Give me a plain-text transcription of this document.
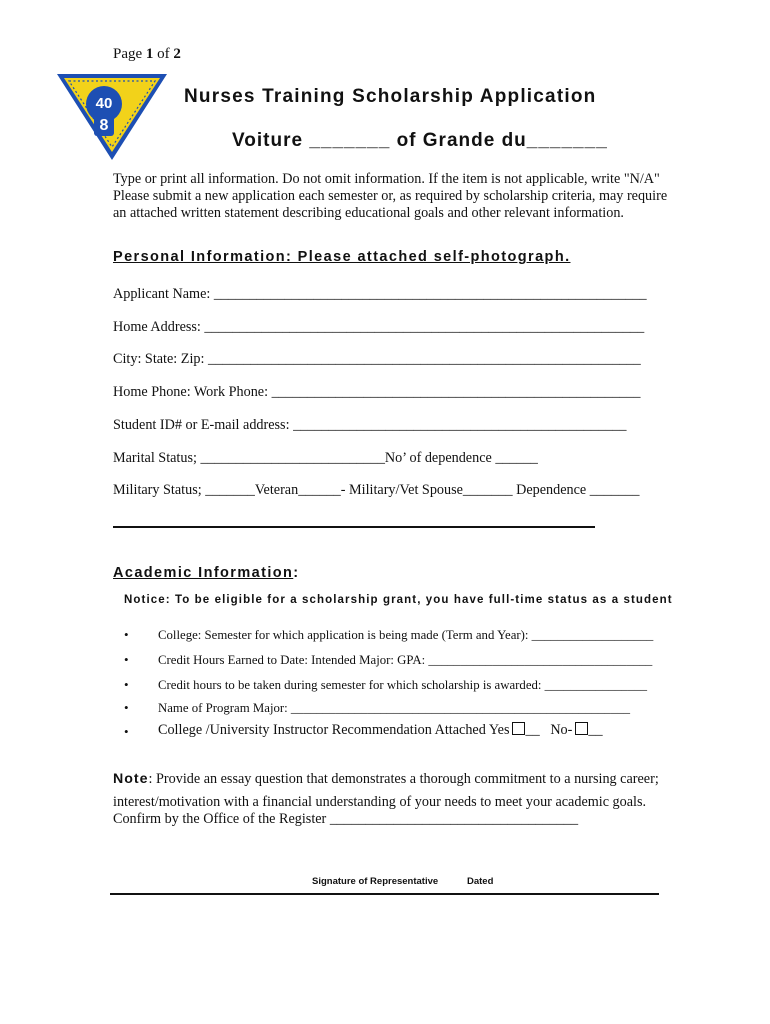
Page 1 of 2
40
8
Nurses Training Scholarship Application
Voiture _______ of Grande du_______
Type or print all information. Do not omit information. If the item is not applicable, write "N/A"
Please submit a new application each semester or, as required by scholarship criteria, may require
an attached written statement describing educational goals and other relevant information.
Personal Information: Please attached self-photograph.
Applicant Name: _____________________________________________________________
Home Address: ______________________________________________________________
City: State: Zip: _____________________________________________________________
Home Phone: Work Phone: ____________________________________________________
Student ID# or E-mail address: _______________________________________________
Marital Status; __________________________No’ of dependence ______
Military Status; _______Veteran______- Military/Vet Spouse_______ Dependence _______
Academic Information:
Notice: To be eligible for a scholarship grant, you have full-time status as a student
• College: Semester for which application is being made (Term and Year): ___________________
• Credit Hours Earned to Date: Intended Major: GPA: ___________________________________
• Credit hours to be taken during semester for which scholarship is awarded: ________________
• Name of Program Major: _____________________________________________________
• College /University Instructor Recommendation Attached Yes __ No- __
Note: Provide an essay question that demonstrates a thorough commitment to a nursing career;
interest/motivation with a financial understanding of your needs to meet your academic goals.
Confirm by the Office of the Register ___________________________________
Signature of Representative	Dated
